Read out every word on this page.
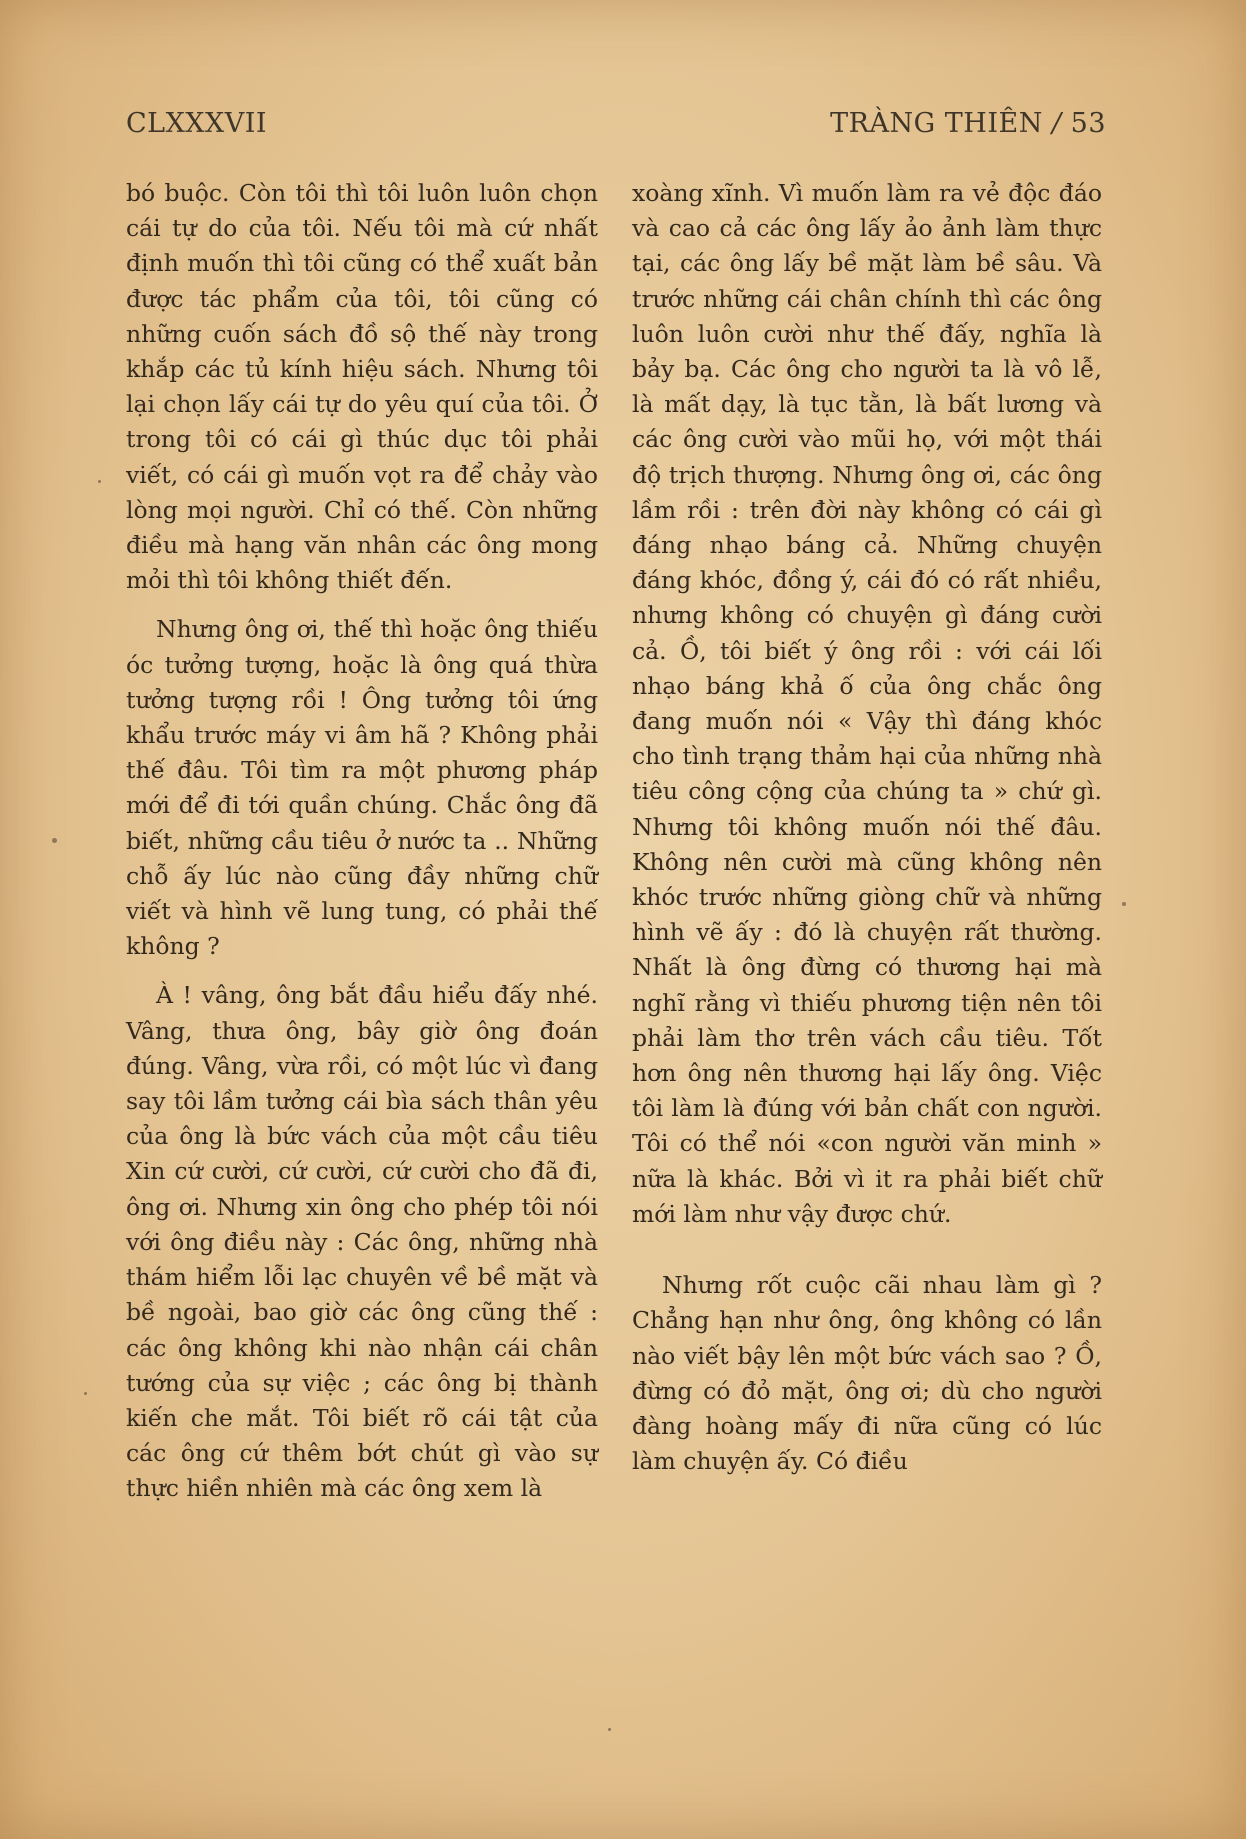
CLXXXVII	TRÀNG THIÊN / 53

bó buộc. Còn tôi thì tôi luôn luôn chọn cái tự do của tôi. Nếu tôi mà cứ nhất định muốn thì tôi cũng có thể xuất bản được tác phẩm của tôi, tôi cũng có những cuốn sách đồ sộ thế này trong khắp các tủ kính hiệu sách. Nhưng tôi lại chọn lấy cái tự do yêu quí của tôi. Ở trong tôi có cái gì thúc dục tôi phải viết, có cái gì muốn vọt ra để chảy vào lòng mọi người. Chỉ có thế. Còn những điều mà hạng văn nhân các ông mong mỏi thì tôi không thiết đến.

Nhưng ông ơi, thế thì hoặc ông thiếu óc tưởng tượng, hoặc là ông quá thừa tưởng tượng rồi ! Ông tưởng tôi ứng khẩu trước máy vi âm hã ? Không phải thế đâu. Tôi tìm ra một phương pháp mới để đi tới quần chúng. Chắc ông đã biết, những cầu tiêu ở nước ta .. Những chỗ ấy lúc nào cũng đầy những chữ viết và hình vẽ lung tung, có phải thế không ?

À ! vâng, ông bắt đầu hiểu đấy nhé. Vâng, thưa ông, bây giờ ông đoán đúng. Vâng, vừa rồi, có một lúc vì đang say tôi lầm tưởng cái bìa sách thân yêu của ông là bức vách của một cầu tiêu Xin cứ cười, cứ cười, cứ cười cho đã đi, ông ơi. Nhưng xin ông cho phép tôi nói với ông điều này : Các ông, những nhà thám hiểm lỗi lạc chuyên về bề mặt và bề ngoài, bao giờ các ông cũng thế : các ông không khi nào nhận cái chân tướng của sự việc ; các ông bị thành kiến che mắt. Tôi biết rõ cái tật của các ông cứ thêm bớt chút gì vào sự thực hiền nhiên mà các ông xem là

xoàng xĩnh. Vì muốn làm ra vẻ độc đáo và cao cả các ông lấy ảo ảnh làm thực tại, các ông lấy bề mặt làm bề sâu. Và trước những cái chân chính thì các ông luôn luôn cười như thế đấy, nghĩa là bảy bạ. Các ông cho người ta là vô lễ, là mất dạy, là tục tằn, là bất lương và các ông cười vào mũi họ, với một thái độ trịch thượng. Nhưng ông ơi, các ông lầm rồi : trên đời này không có cái gì đáng nhạo báng cả. Những chuyện đáng khóc, đồng ý, cái đó có rất nhiều, nhưng không có chuyện gì đáng cười cả. Ồ, tôi biết ý ông rồi : với cái lối nhạo báng khả ố của ông chắc ông đang muốn nói « Vậy thì đáng khóc cho tình trạng thảm hại của những nhà tiêu công cộng của chúng ta » chứ gì. Nhưng tôi không muốn nói thế đâu. Không nên cười mà cũng không nên khóc trước những giòng chữ và những hình vẽ ấy : đó là chuyện rất thường. Nhất là ông đừng có thương hại mà nghĩ rằng vì thiếu phương tiện nên tôi phải làm thơ trên vách cầu tiêu. Tốt hơn ông nên thương hại lấy ông. Việc tôi làm là đúng với bản chất con người. Tôi có thể nói «con người văn minh » nữa là khác. Bởi vì it ra phải biết chữ mới làm như vậy được chứ.

Nhưng rốt cuộc cãi nhau làm gì ? Chẳng hạn như ông, ông không có lần nào viết bậy lên một bức vách sao ? Ồ, đừng có đỏ mặt, ông ơi; dù cho người đàng hoàng mấy đi nữa cũng có lúc làm chuyện ấy. Có điều
